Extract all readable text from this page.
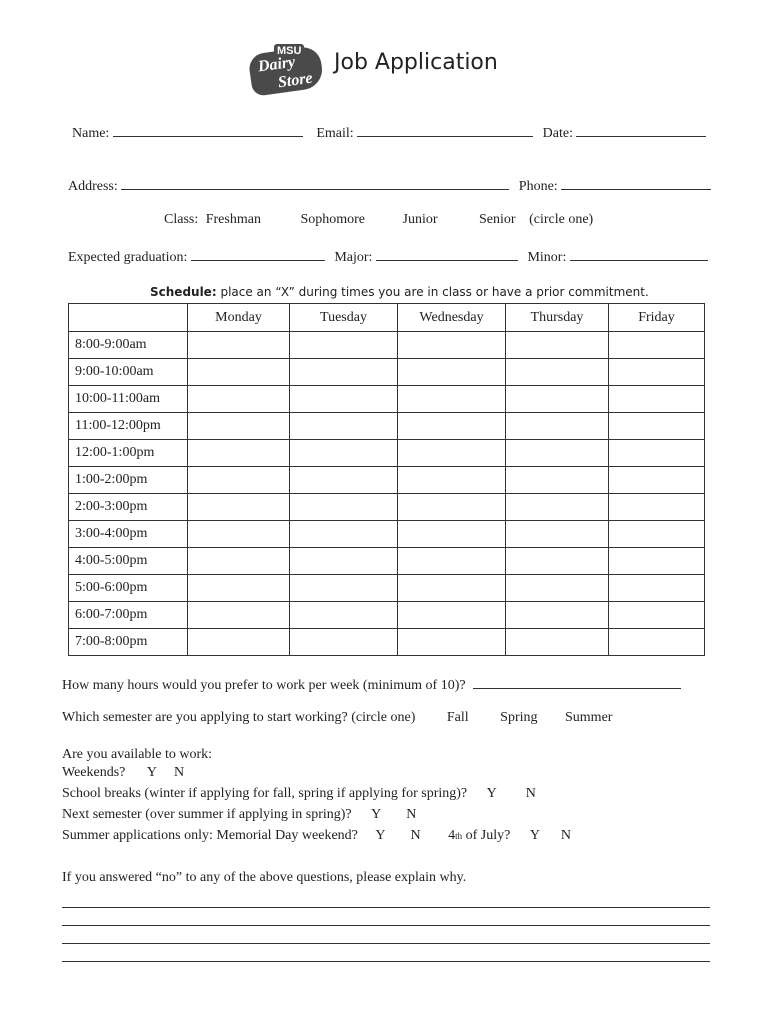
MSU
Dairy
Store
Job Application
Name:	Email:	Date:
Address:	Phone:
Class: Freshman	Sophomore	Junior	Senior (circle one)
Expected graduation:	Major:	Minor:
Schedule: place an “X” during times you are in class or have a prior commitment.
	Monday	Tuesday	Wednesday	Thursday	Friday
8:00-9:00am					
9:00-10:00am					
10:00-11:00am					
11:00-12:00pm					
12:00-1:00pm					
1:00-2:00pm					
2:00-3:00pm					
3:00-4:00pm					
4:00-5:00pm					
5:00-6:00pm					
6:00-7:00pm					
7:00-8:00pm					
How many hours would you prefer to work per week (minimum of 10)?
Which semester are you applying to start working? (circle one) Fall Spring Summer
Are you available to work:
Weekends? Y N
School breaks (winter if applying for fall, spring if applying for spring)? Y N
Next semester (over summer if applying in spring)? Y N
Summer applications only: Memorial Day weekend? Y N 4th of July? Y N
If you answered “no” to any of the above questions, please explain why.
